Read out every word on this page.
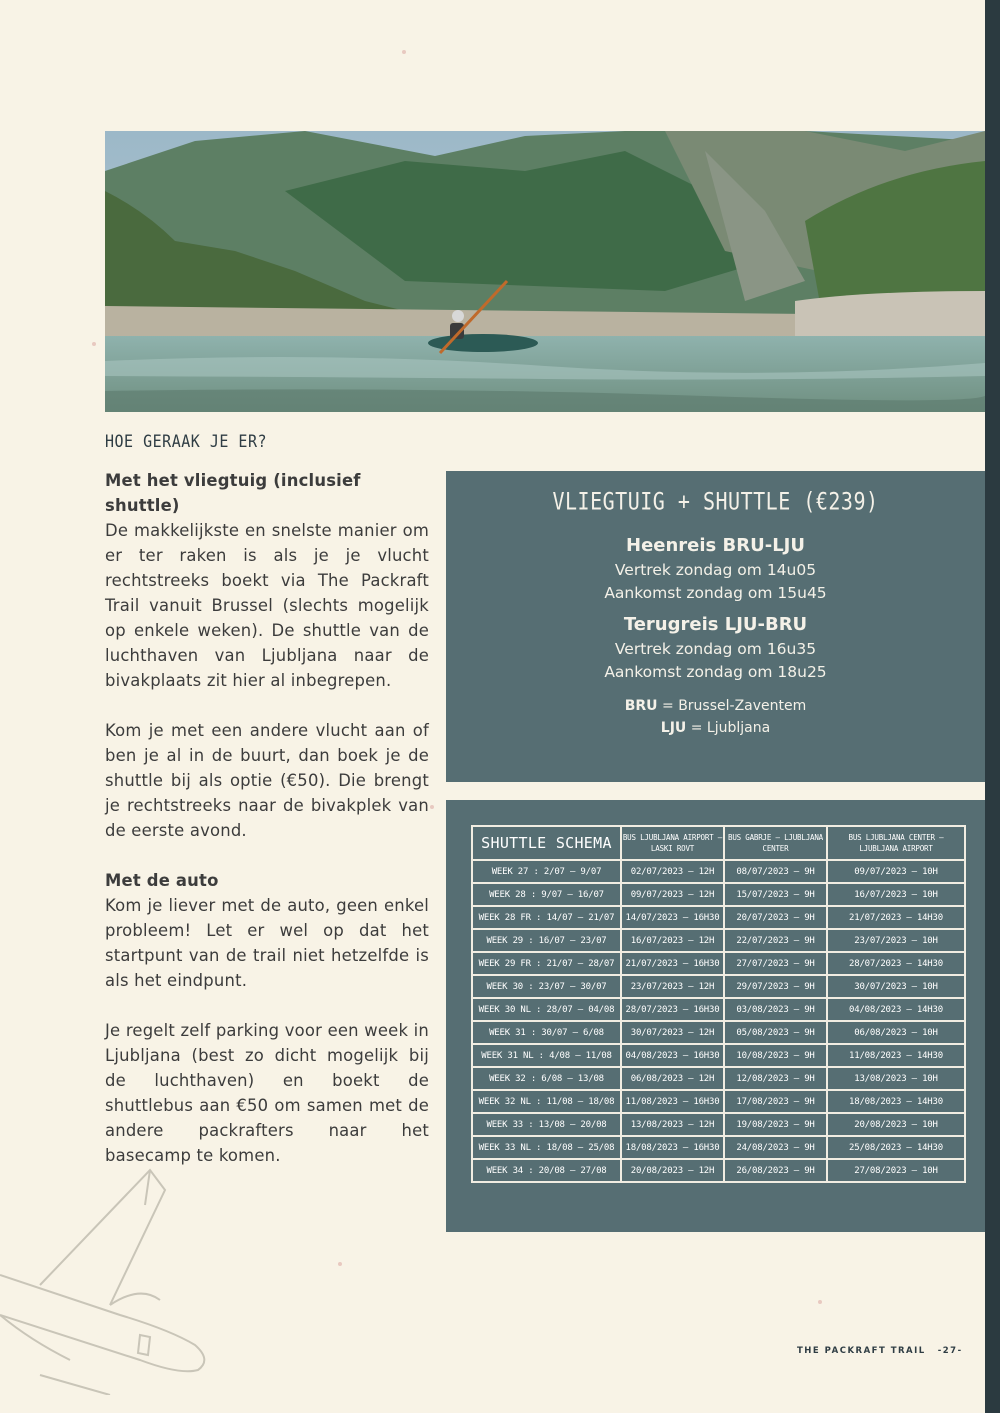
HOE GERAAK JE ER?

Met het vliegtuig (inclusief shuttle)
De makkelijkste en snelste manier om er ter raken is als je je vlucht rechtstreeks boekt via The Packraft Trail vanuit Brussel (slechts mogelijk op enkele weken). De shuttle van de luchthaven van Ljubljana naar de bivakplaats zit hier al inbegrepen.

Kom je met een andere vlucht aan of ben je al in de buurt, dan boek je de shuttle bij als optie (€50). Die brengt je rechtstreeks naar de bivakplek van de eerste avond.

Met de auto
Kom je liever met de auto, geen enkel probleem! Let er wel op dat het startpunt van de trail niet hetzelfde is als het eindpunt.

Je regelt zelf parking voor een week in Ljubljana (best zo dicht mogelijk bij de luchthaven) en boekt de shuttlebus aan €50 om samen met de andere packrafters naar het basecamp te komen.

VLIEGTUIG + SHUTTLE (€239)
Heenreis BRU-LJU
Vertrek zondag om 14u05
Aankomst zondag om 15u45
Terugreis LJU-BRU
Vertrek zondag om 16u35
Aankomst zondag om 18u25
BRU = Brussel-Zaventem
LJU = Ljubljana
SHUTTLE SCHEMA	BUS LJUBLJANA AIRPORT – LASKI ROVT	BUS GABRJE – LJUBLJANA CENTER	BUS LJUBLJANA CENTER – LJUBLJANA AIRPORT
WEEK 27 : 2/07 – 9/07	02/07/2023 – 12H	08/07/2023 – 9H	09/07/2023 – 10H
WEEK 28 : 9/07 – 16/07	09/07/2023 – 12H	15/07/2023 – 9H	16/07/2023 – 10H
WEEK 28 FR : 14/07 – 21/07	14/07/2023 – 16H30	20/07/2023 – 9H	21/07/2023 – 14H30
WEEK 29 : 16/07 – 23/07	16/07/2023 – 12H	22/07/2023 – 9H	23/07/2023 – 10H
WEEK 29 FR : 21/07 – 28/07	21/07/2023 – 16H30	27/07/2023 – 9H	28/07/2023 – 14H30
WEEK 30 : 23/07 – 30/07	23/07/2023 – 12H	29/07/2023 – 9H	30/07/2023 – 10H
WEEK 30 NL : 28/07 – 04/08	28/07/2023 – 16H30	03/08/2023 – 9H	04/08/2023 – 14H30
WEEK 31 : 30/07 – 6/08	30/07/2023 – 12H	05/08/2023 – 9H	06/08/2023 – 10H
WEEK 31 NL : 4/08 – 11/08	04/08/2023 – 16H30	10/08/2023 – 9H	11/08/2023 – 14H30
WEEK 32 : 6/08 – 13/08	06/08/2023 – 12H	12/08/2023 – 9H	13/08/2023 – 10H
WEEK 32 NL : 11/08 – 18/08	11/08/2023 – 16H30	17/08/2023 – 9H	18/08/2023 – 14H30
WEEK 33 : 13/08 – 20/08	13/08/2023 – 12H	19/08/2023 – 9H	20/08/2023 – 10H
WEEK 33 NL : 18/08 – 25/08	18/08/2023 – 16H30	24/08/2023 – 9H	25/08/2023 – 14H30
WEEK 34 : 20/08 – 27/08	20/08/2023 – 12H	26/08/2023 – 9H	27/08/2023 – 10H
THE PACKRAFT TRAIL -27-
